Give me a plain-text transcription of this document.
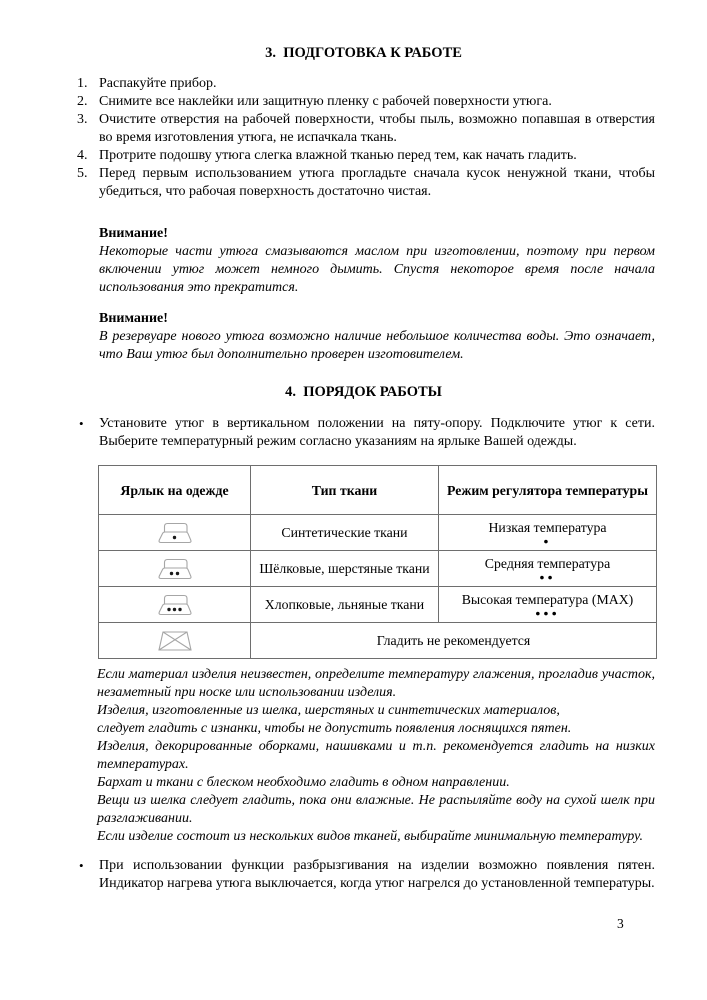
3.  ПОДГОТОВКА К РАБОТЕ
1. Распакуйте прибор.
2. Снимите все наклейки или защитную пленку с рабочей поверхности утюга.
3. Очистите отверстия на рабочей поверхности, чтобы пыль, возможно попавшая в отверстия во время изготовления утюга, не испачкала ткань.
4. Протрите подошву утюга слегка влажной тканью перед тем, как начать гладить.
5. Перед первым использованием утюга прогладьте сначала кусок ненужной ткани, чтобы убедиться, что рабочая поверхность достаточно чистая.
Внимание!

Некоторые части утюга смазываются маслом при изготовлении, поэтому при первом включении утюг может немного дымить. Спустя некоторое время после начала использования это прекратится.

Внимание!

В резервуаре нового утюга возможно наличие небольшое количества воды. Это означает, что Ваш утюг был дополнительно проверен изготовителем.

4.  ПОРЯДОК РАБОТЫ
•	Установите утюг в вертикальном положении на пяту-опору. Подключите утюг к сети. Выберите температурный режим согласно указаниям на ярлыке Вашей одежды.
Ярлык на одежде	Тип ткани	Режим регулятора температуры

	Синтетические ткани	Низкая температура
●

	Шёлковые, шерстяные ткани	Средняя температура
●●

	Хлопковые, льняные ткани	Высокая температура (MAX)
●●●

	Гладить не рекомендуется	

Если материал изделия неизвестен, определите температуру глажения, прогладив участок, незаметный при носке или использовании изделия.

Изделия, изготовленные из шелка, шерстяных и синтетических материалов,

следует гладить с изнанки, чтобы не допустить появления лоснящихся пятен.

Изделия, декорированные оборками, нашивками и т.п. рекомендуется гладить на низких температурах.

Бархат и ткани с блеском необходимо гладить в одном направлении.

Вещи из шелка следует гладить, пока они влажные. Не распыляйте воду на сухой шелк при разглаживании.

Если изделие состоит из нескольких видов тканей, выбирайте минимальную температуру.

•	При использовании функции разбрызгивания на изделии возможно появления пятен. Индикатор нагрева утюга выключается, когда утюг нагрелся до установленной температуры.
3
